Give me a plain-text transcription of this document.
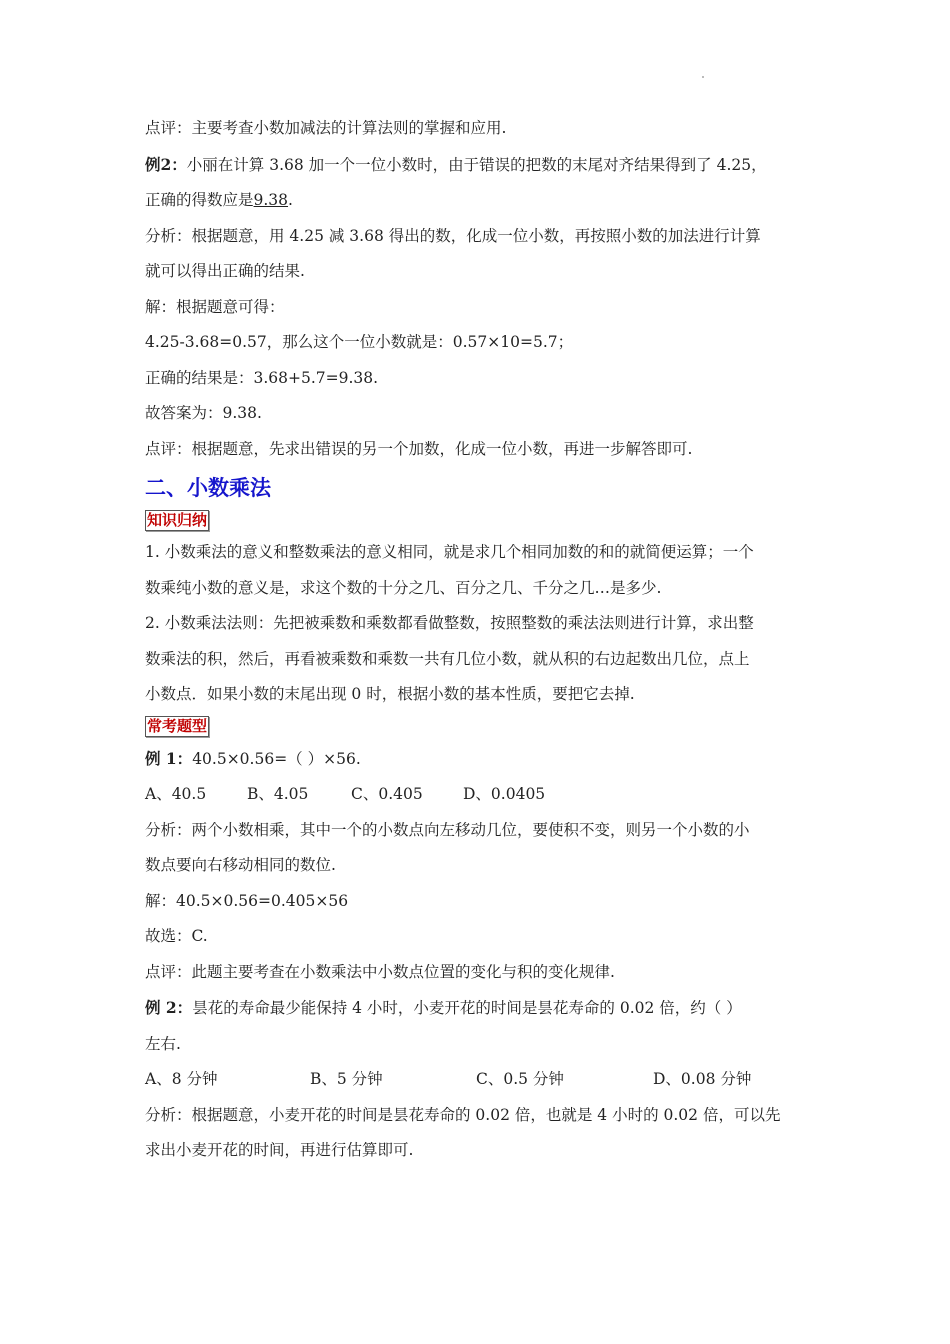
点评：主要考查小数加减法的计算法则的掌握和应用.

例2：小丽在计算 3.68 加一个一位小数时，由于错误的把数的末尾对齐结果得到了 4.25，

正确的得数应是9.38.

分析：根据题意，用 4.25 减 3.68 得出的数，化成一位小数，再按照小数的加法进行计算

就可以得出正确的结果.

解：根据题意可得：

4.25-3.68=0.57，那么这个一位小数就是：0.57×10=5.7；

正确的结果是：3.68+5.7=9.38.

故答案为：9.38.

点评：根据题意，先求出错误的另一个加数，化成一位小数，再进一步解答即可.

二、小数乘法

知识归纳

1. 小数乘法的意义和整数乘法的意义相同，就是求几个相同加数的和的就简便运算；一个

数乘纯小数的意义是，求这个数的十分之几、百分之几、千分之几…是多少.

2. 小数乘法法则：先把被乘数和乘数都看做整数，按照整数的乘法法则进行计算，求出整

数乘法的积，然后，再看被乘数和乘数一共有几位小数，就从积的右边起数出几位，点上

小数点．如果小数的末尾出现 0 时，根据小数的基本性质，要把它去掉.

常考题型

例 1：40.5×0.56=（ ）×56.

A、40.5	B、4.05	C、0.405	D、0.0405

分析：两个小数相乘，其中一个的小数点向左移动几位，要使积不变，则另一个小数的小

数点要向右移动相同的数位.

解：40.5×0.56=0.405×56

故选：C.

点评：此题主要考查在小数乘法中小数点位置的变化与积的变化规律.

例 2：昙花的寿命最少能保持 4 小时，小麦开花的时间是昙花寿命的 0.02 倍，约（ ）

左右.

A、8 分钟	B、5 分钟	C、0.5 分钟	D、0.08 分钟

分析：根据题意，小麦开花的时间是昙花寿命的 0.02 倍，也就是 4 小时的 0.02 倍，可以先

求出小麦开花的时间，再进行估算即可.
